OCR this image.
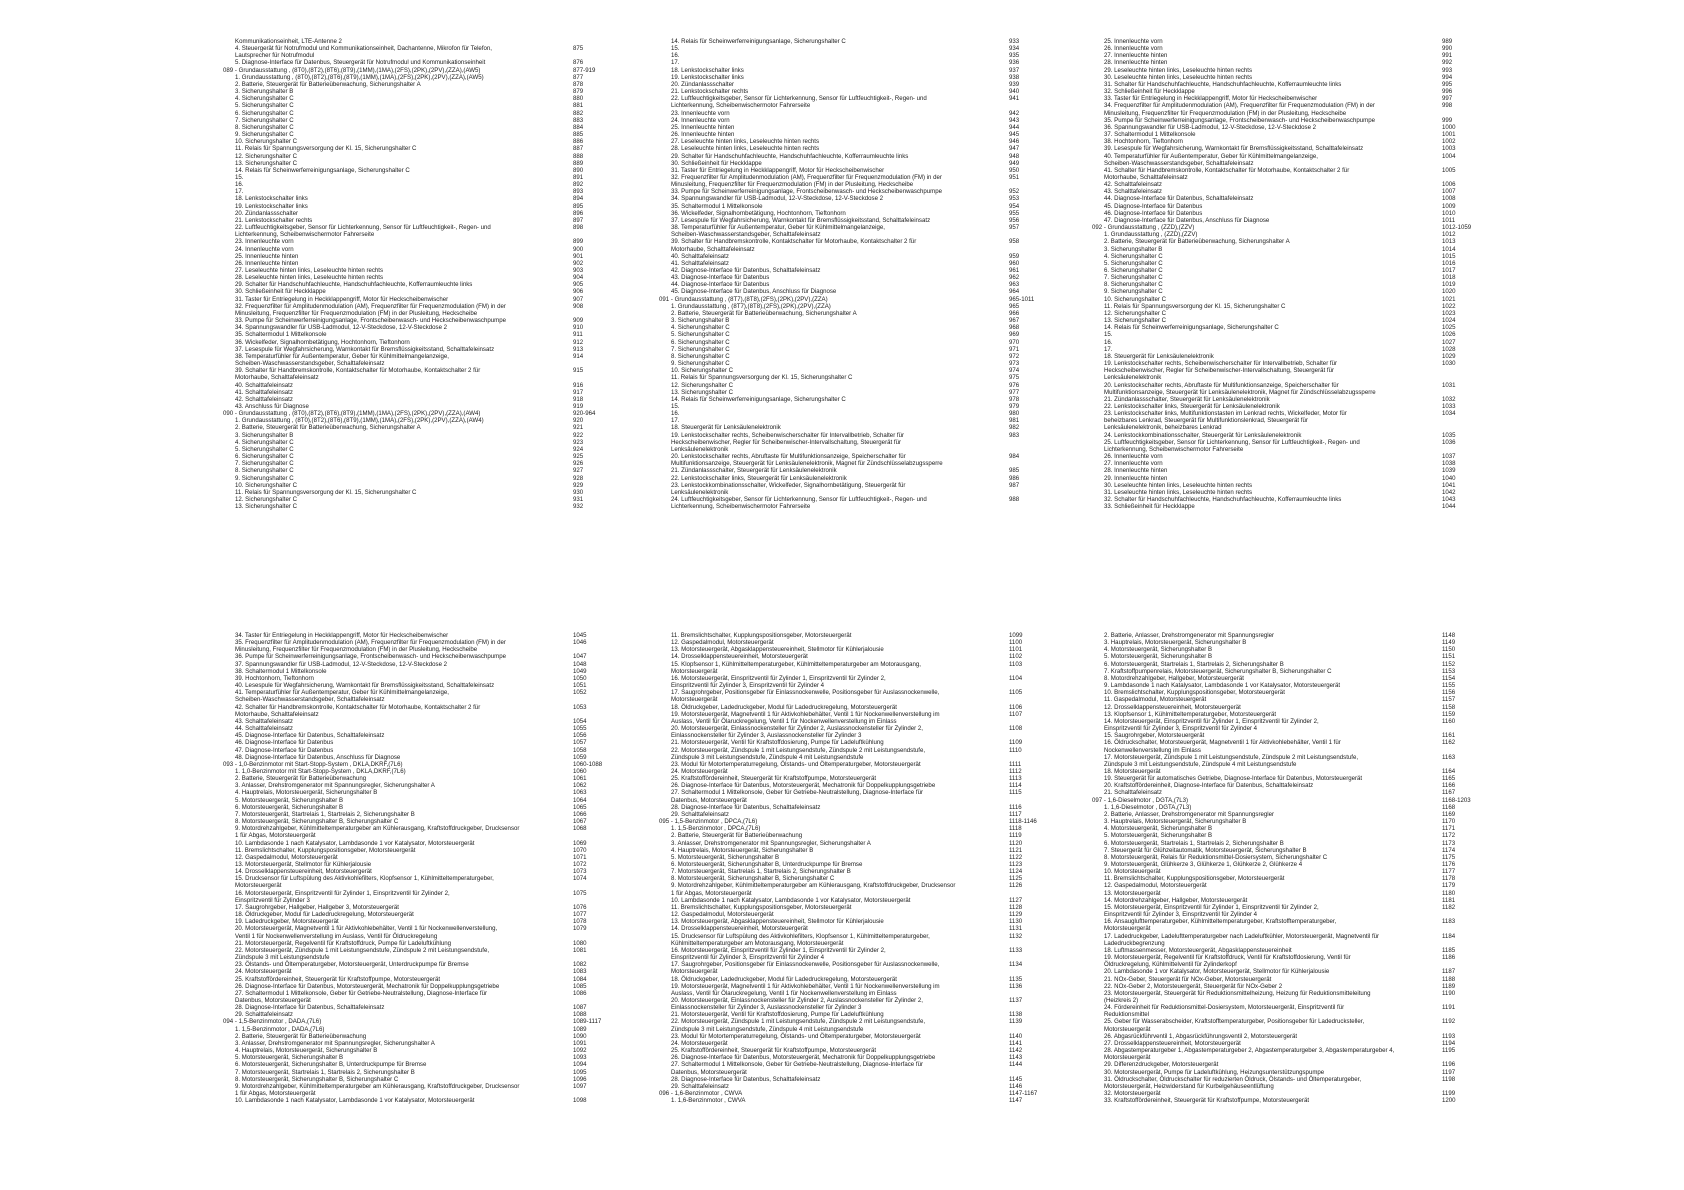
Kommunikationseinheit, LTE-Antenne 2
4. Steuergerät für Notrufmodul und Kommunikationseinheit, Dachantenne, Mikrofon für Telefon,
Lautsprecher für Notrufmodul
875
5. Diagnose-Interface für Datenbus, Steuergerät für Notrufmodul und Kommunikationseinheit	876
089 - Grundausstattung , (8T0),(8T2),(8T6),(8T9),(1MM),(1MA),(2FS),(2PK),(2PV),(ZZA),(AW5)	877-919
1. Grundausstattung , (8T0),(8T2),(8T6),(8T9),(1MM),(1MA),(2FS),(2PK),(2PV),(ZZA),(AW5)	877
2. Batterie, Steuergerät für Batterieüberwachung, Sicherungshalter A	878
3. Sicherungshalter B	879
4. Sicherungshalter C	880
5. Sicherungshalter C	881
6. Sicherungshalter C	882
7. Sicherungshalter C	883
8. Sicherungshalter C	884
9. Sicherungshalter C	885
10. Sicherungshalter C	886
11. Relais für Spannungsversorgung der Kl. 15, Sicherungshalter C	887
12. Sicherungshalter C	888
13. Sicherungshalter C	889
14. Relais für Scheinwerferreinigungsanlage, Sicherungshalter C	890
15.	891
16.	892
17.	893
18. Lenkstockschalter links	894
19. Lenkstockschalter links	895
20. Zündanlassschalter	896
21. Lenkstockschalter rechts	897
22. Luftfeuchtigkeitsgeber, Sensor für Lichterkennung, Sensor für Luftfeuchtigkeit-, Regen- und
Lichterkennung, Scheibenwischermotor Fahrerseite
898
23. Innenleuchte vorn	899
24. Innenleuchte vorn	900
25. Innenleuchte hinten	901
26. Innenleuchte hinten	902
27. Leseleuchte hinten links, Leseleuchte hinten rechts	903
28. Leseleuchte hinten links, Leseleuchte hinten rechts	904
29. Schalter für Handschuhfachleuchte, Handschuhfachleuchte, Kofferraumleuchte links	905
30. Schließeinheit für Heckklappe	906
31. Taster für Entriegelung in Heckklappengriff, Motor für Heckscheibenwischer	907
32. Frequenzfilter für Amplitudenmodulation (AM), Frequenzfilter für Frequenzmodulation (FM) in der
Minusleitung, Frequenzfilter für Frequenzmodulation (FM) in der Plusleitung, Heckscheibe
908
33. Pumpe für Scheinwerferreinigungsanlage, Frontscheibenwasch- und Heckscheibenwaschpumpe	909
34. Spannungswandler für USB-Ladmodul, 12-V-Steckdose, 12-V-Steckdose 2	910
35. Schaltermodul 1 Mittelkonsole	911
36. Wickelfeder, Signalhornbetätigung, Hochtonhorn, Tieftonhorn	912
37. Lesespule für Wegfahrsicherung, Warnkontakt für Bremsflüssigkeitsstand, Schalttafeleinsatz	913
38. Temperaturfühler für Außentemperatur, Geber für Kühlmittelmangelanzeige,
Scheiben-Waschwasserstandsgeber, Schalttafeleinsatz
914
39. Schalter für Handbremskontrolle, Kontaktschalter für Motorhaube, Kontaktschalter 2 für
Motorhaube, Schalttafeleinsatz
915
40. Schalttafeleinsatz	916
41. Schalttafeleinsatz	917
42. Schalttafeleinsatz	918
43. Anschluss für Diagnose	919
090 - Grundausstattung , (8T0),(8T2),(8T6),(8T9),(1MM),(1MA),(2FS),(2PK),(2PV),(ZZA),(AW4)	920-964
1. Grundausstattung , (8T0),(8T2),(8T6),(8T9),(1MM),(1MA),(2FS),(2PK),(2PV),(ZZA),(AW4)	920
2. Batterie, Steuergerät für Batterieüberwachung, Sicherungshalter A	921
3. Sicherungshalter B	922
4. Sicherungshalter C	923
5. Sicherungshalter C	924
6. Sicherungshalter C	925
7. Sicherungshalter C	926
8. Sicherungshalter C	927
9. Sicherungshalter C	928
10. Sicherungshalter C	929
11. Relais für Spannungsversorgung der Kl. 15, Sicherungshalter C	930
12. Sicherungshalter C	931
13. Sicherungshalter C	932
14. Relais für Scheinwerferreinigungsanlage, Sicherungshalter C	933
15.	934
16.	935
17.	936
18. Lenkstockschalter links	937
19. Lenkstockschalter links	938
20. Zündanlassschalter	939
21. Lenkstockschalter rechts	940
22. Luftfeuchtigkeitsgeber, Sensor für Lichterkennung, Sensor für Luftfeuchtigkeit-, Regen- und
Lichterkennung, Scheibenwischermotor Fahrerseite
941
23. Innenleuchte vorn	942
24. Innenleuchte vorn	943
25. Innenleuchte hinten	944
26. Innenleuchte hinten	945
27. Leseleuchte hinten links, Leseleuchte hinten rechts	946
28. Leseleuchte hinten links, Leseleuchte hinten rechts	947
29. Schalter für Handschuhfachleuchte, Handschuhfachleuchte, Kofferraumleuchte links	948
30. Schließeinheit für Heckklappe	949
31. Taster für Entriegelung in Heckklappengriff, Motor für Heckscheibenwischer	950
32. Frequenzfilter für Amplitudenmodulation (AM), Frequenzfilter für Frequenzmodulation (FM) in der
Minusleitung, Frequenzfilter für Frequenzmodulation (FM) in der Plusleitung, Heckscheibe
951
33. Pumpe für Scheinwerferreinigungsanlage, Frontscheibenwasch- und Heckscheibenwaschpumpe	952
34. Spannungswandler für USB-Ladmodul, 12-V-Steckdose, 12-V-Steckdose 2	953
35. Schaltermodul 1 Mittelkonsole	954
36. Wickelfeder, Signalhornbetätigung, Hochtonhorn, Tieftonhorn	955
37. Lesespule für Wegfahrsicherung, Warnkontakt für Bremsflüssigkeitsstand, Schalttafeleinsatz	956
38. Temperaturfühler für Außentemperatur, Geber für Kühlmittelmangelanzeige,
Scheiben-Waschwasserstandsgeber, Schalttafeleinsatz
957
39. Schalter für Handbremskontrolle, Kontaktschalter für Motorhaube, Kontaktschalter 2 für
Motorhaube, Schalttafeleinsatz
958
40. Schalttafeleinsatz	959
41. Schalttafeleinsatz	960
42. Diagnose-Interface für Datenbus, Schalttafeleinsatz	961
43. Diagnose-Interface für Datenbus	962
44. Diagnose-Interface für Datenbus	963
45. Diagnose-Interface für Datenbus, Anschluss für Diagnose	964
091 - Grundausstattung , (8T7),(8T8),(2FS),(2PK),(2PV),(ZZA)	965-1011
1. Grundausstattung , (8T7),(8T8),(2FS),(2PK),(2PV),(ZZA)	965
2. Batterie, Steuergerät für Batterieüberwachung, Sicherungshalter A	966
3. Sicherungshalter B	967
4. Sicherungshalter C	968
5. Sicherungshalter C	969
6. Sicherungshalter C	970
7. Sicherungshalter C	971
8. Sicherungshalter C	972
9. Sicherungshalter C	973
10. Sicherungshalter C	974
11. Relais für Spannungsversorgung der Kl. 15, Sicherungshalter C	975
12. Sicherungshalter C	976
13. Sicherungshalter C	977
14. Relais für Scheinwerferreinigungsanlage, Sicherungshalter C	978
15.	979
16.	980
17.	981
18. Steuergerät für Lenksäulenelektronik	982
19. Lenkstockschalter rechts, Scheibenwischerschalter für Intervallbetrieb, Schalter für
Heckscheibenwischer, Regler für Scheibenwischer-Intervallschaltung, Steuergerät für
Lenksäulenelektronik
983
20. Lenkstockschalter rechts, Abruftaste für Multifunktionsanzeige, Speicherschalter für
Multifunktionsanzeige, Steuergerät für Lenksäulenelektronik, Magnet für Zündschlüsselabzugssperre
984
21. Zündanlassschalter, Steuergerät für Lenksäulenelektronik	985
22. Lenkstockschalter links, Steuergerät für Lenksäulenelektronik	986
23. Lenkstockkombinationsschalter, Wickelfeder, Signalhornbetätigung, Steuergerät für
Lenksäulenelektronik
987
24. Luftfeuchtigkeitsgeber, Sensor für Lichterkennung, Sensor für Luftfeuchtigkeit-, Regen- und
Lichterkennung, Scheibenwischermotor Fahrerseite
988
25. Innenleuchte vorn	989
26. Innenleuchte vorn	990
27. Innenleuchte hinten	991
28. Innenleuchte hinten	992
29. Leseleuchte hinten links, Leseleuchte hinten rechts	993
30. Leseleuchte hinten links, Leseleuchte hinten rechts	994
31. Schalter für Handschuhfachleuchte, Handschuhfachleuchte, Kofferraumleuchte links	995
32. Schließeinheit für Heckklappe	996
33. Taster für Entriegelung in Heckklappengriff, Motor für Heckscheibenwischer	997
34. Frequenzfilter für Amplitudenmodulation (AM), Frequenzfilter für Frequenzmodulation (FM) in der
Minusleitung, Frequenzfilter für Frequenzmodulation (FM) in der Plusleitung, Heckscheibe
998
35. Pumpe für Scheinwerferreinigungsanlage, Frontscheibenwasch- und Heckscheibenwaschpumpe	999
36. Spannungswandler für USB-Ladmodul, 12-V-Steckdose, 12-V-Steckdose 2	1000
37. Schaltermodul 1 Mittelkonsole	1001
38. Hochtonhorn, Tieftonhorn	1002
39. Lesespule für Wegfahrsicherung, Warnkontakt für Bremsflüssigkeitsstand, Schalttafeleinsatz	1003
40. Temperaturfühler für Außentemperatur, Geber für Kühlmittelmangelanzeige,
Scheiben-Waschwasserstandsgeber, Schalttafeleinsatz
1004
41. Schalter für Handbremskontrolle, Kontaktschalter für Motorhaube, Kontaktschalter 2 für
Motorhaube, Schalttafeleinsatz
1005
42. Schalttafeleinsatz	1006
43. Schalttafeleinsatz	1007
44. Diagnose-Interface für Datenbus, Schalttafeleinsatz	1008
45. Diagnose-Interface für Datenbus	1009
46. Diagnose-Interface für Datenbus	1010
47. Diagnose-Interface für Datenbus, Anschluss für Diagnose	1011
092 - Grundausstattung , (ZZD),(ZZV)	1012-1059
1. Grundausstattung , (ZZD),(ZZV)	1012
2. Batterie, Steuergerät für Batterieüberwachung, Sicherungshalter A	1013
3. Sicherungshalter B	1014
4. Sicherungshalter C	1015
5. Sicherungshalter C	1016
6. Sicherungshalter C	1017
7. Sicherungshalter C	1018
8. Sicherungshalter C	1019
9. Sicherungshalter C	1020
10. Sicherungshalter C	1021
11. Relais für Spannungsversorgung der Kl. 15, Sicherungshalter C	1022
12. Sicherungshalter C	1023
13. Sicherungshalter C	1024
14. Relais für Scheinwerferreinigungsanlage, Sicherungshalter C	1025
15.	1026
16.	1027
17.	1028
18. Steuergerät für Lenksäulenelektronik	1029
19. Lenkstockschalter rechts, Scheibenwischerschalter für Intervallbetrieb, Schalter für
Heckscheibenwischer, Regler für Scheibenwischer-Intervallschaltung, Steuergerät für
Lenksäulenelektronik
1030
20. Lenkstockschalter rechts, Abruftaste für Multifunktionsanzeige, Speicherschalter für
Multifunktionsanzeige, Steuergerät für Lenksäulenelektronik, Magnet für Zündschlüsselabzugssperre
1031
21. Zündanlassschalter, Steuergerät für Lenksäulenelektronik	1032
22. Lenkstockschalter links, Steuergerät für Lenksäulenelektronik	1033
23. Lenkstockschalter links, Multifunktionstasten im Lenkrad rechts, Wickelfeder, Motor für
beheizbares Lenkrad, Steuergerät für Multifunktionslenkrad, Steuergerät für
Lenksäulenelektronik, beheizbares Lenkrad
1034
24. Lenkstockkombinationsschalter, Steuergerät für Lenksäulenelektronik	1035
25. Luftfeuchtigkeitsgeber, Sensor für Lichterkennung, Sensor für Luftfeuchtigkeit-, Regen- und
Lichterkennung, Scheibenwischermotor Fahrerseite
1036
26. Innenleuchte vorn	1037
27. Innenleuchte vorn	1038
28. Innenleuchte hinten	1039
29. Innenleuchte hinten	1040
30. Leseleuchte hinten links, Leseleuchte hinten rechts	1041
31. Leseleuchte hinten links, Leseleuchte hinten rechts	1042
32. Schalter für Handschuhfachleuchte, Handschuhfachleuchte, Kofferraumleuchte links	1043
33. Schließeinheit für Heckklappe	1044
34. Taster für Entriegelung in Heckklappengriff, Motor für Heckscheibenwischer	1045
35. Frequenzfilter für Amplitudenmodulation (AM), Frequenzfilter für Frequenzmodulation (FM) in der
Minusleitung, Frequenzfilter für Frequenzmodulation (FM) in der Plusleitung, Heckscheibe
1046
36. Pumpe für Scheinwerferreinigungsanlage, Frontscheibenwasch- und Heckscheibenwaschpumpe	1047
37. Spannungswandler für USB-Ladmodul, 12-V-Steckdose, 12-V-Steckdose 2	1048
38. Schaltermodul 1 Mittelkonsole	1049
39. Hochtonhorn, Tieftonhorn	1050
40. Lesespule für Wegfahrsicherung, Warnkontakt für Bremsflüssigkeitsstand, Schalttafeleinsatz	1051
41. Temperaturfühler für Außentemperatur, Geber für Kühlmittelmangelanzeige,
Scheiben-Waschwasserstandsgeber, Schalttafeleinsatz
1052
42. Schalter für Handbremskontrolle, Kontaktschalter für Motorhaube, Kontaktschalter 2 für
Motorhaube, Schalttafeleinsatz
1053
43. Schalttafeleinsatz	1054
44. Schalttafeleinsatz	1055
45. Diagnose-Interface für Datenbus, Schalttafeleinsatz	1056
46. Diagnose-Interface für Datenbus	1057
47. Diagnose-Interface für Datenbus	1058
48. Diagnose-Interface für Datenbus, Anschluss für Diagnose	1059
093 - 1,0-Benzinmotor mit Start-Stopp-System , DKLA,DKRF,(7L6)	1060-1088
1. 1,0-Benzinmotor mit Start-Stopp-System , DKLA,DKRF,(7L6)	1060
2. Batterie, Steuergerät für Batterieüberwachung	1061
3. Anlasser, Drehstromgenerator mit Spannungsregler, Sicherungshalter A	1062
4. Hauptrelais, Motorsteuergerät, Sicherungshalter B	1063
5. Motorsteuergerät, Sicherungshalter B	1064
6. Motorsteuergerät, Sicherungshalter B	1065
7. Motorsteuergerät, Startrelais 1, Startrelais 2, Sicherungshalter B	1066
8. Motorsteuergerät, Sicherungshalter B, Sicherungshalter C	1067
9. Motordrehzahlgeber, Kühlmitteltemperaturgeber am Kühlerausgang, Kraftstoffdruckgeber, Drucksensor
1 für Abgas, Motorsteuergerät
1068
10. Lambdasonde 1 nach Katalysator, Lambdasonde 1 vor Katalysator, Motorsteuergerät	1069
11. Bremslichtschalter, Kupplungspositionsgeber, Motorsteuergerät	1070
12. Gaspedalmodul, Motorsteuergerät	1071
13. Motorsteuergerät, Stellmotor für Kühlerjalousie	1072
14. Drosselklappensteuereinheit, Motorsteuergerät	1073
15. Drucksensor für Luftspülung des Aktivkohlefilters, Klopfsensor 1, Kühlmitteltemperaturgeber,
Motorsteuergerät
1074
16. Motorsteuergerät, Einspritzventil für Zylinder 1, Einspritzventil für Zylinder 2,
Einspritzventil für Zylinder 3
1075
17. Saugrohrgeber, Hallgeber, Hallgeber 3, Motorsteuergerät	1076
18. Öldruckgeber, Modul für Ladedruckregelung, Motorsteuergerät	1077
19. Ladedruckgeber, Motorsteuergerät	1078
20. Motorsteuergerät, Magnetventil 1 für Aktivkohlebehälter, Ventil 1 für Nockenwellenverstellung,
Ventil 1 für Nockenwellenverstellung im Auslass, Ventil für Öldruckregelung
1079
21. Motorsteuergerät, Regelventil für Kraftstoffdruck, Pumpe für Ladeluftkühlung	1080
22. Motorsteuergerät, Zündspule 1 mit Leistungsendstufe, Zündspule 2 mit Leistungsendstufe,
Zündspule 3 mit Leistungsendstufe
1081
23. Ölstands- und Öltemperaturgeber, Motorsteuergerät, Unterdruckpumpe für Bremse	1082
24. Motorsteuergerät	1083
25. Kraftstoffördereinheit, Steuergerät für Kraftstoffpumpe, Motorsteuergerät	1084
26. Diagnose-Interface für Datenbus, Motorsteuergerät, Mechatronik für Doppelkupplungsgetriebe	1085
27. Schaltermodul 1 Mittelkonsole, Geber für Getriebe-Neutralstellung, Diagnose-Interface für
Datenbus, Motorsteuergerät
1086
28. Diagnose-Interface für Datenbus, Schalttafeleinsatz	1087
29. Schalttafeleinsatz	1088
094 - 1,5-Benzinmotor , DADA,(7L6)	1089-1117
1. 1,5-Benzinmotor , DADA,(7L6)	1089
2. Batterie, Steuergerät für Batterieüberwachung	1090
3. Anlasser, Drehstromgenerator mit Spannungsregler, Sicherungshalter A	1091
4. Hauptrelais, Motorsteuergerät, Sicherungshalter B	1092
5. Motorsteuergerät, Sicherungshalter B	1093
6. Motorsteuergerät, Sicherungshalter B, Unterdruckpumpe für Bremse	1094
7. Motorsteuergerät, Startrelais 1, Startrelais 2, Sicherungshalter B	1095
8. Motorsteuergerät, Sicherungshalter B, Sicherungshalter C	1096
9. Motordrehzahlgeber, Kühlmitteltemperaturgeber am Kühlerausgang, Kraftstoffdruckgeber, Drucksensor
1 für Abgas, Motorsteuergerät
1097
10. Lambdasonde 1 nach Katalysator, Lambdasonde 1 vor Katalysator, Motorsteuergerät	1098
11. Bremslichtschalter, Kupplungspositionsgeber, Motorsteuergerät	1099
12. Gaspedalmodul, Motorsteuergerät	1100
13. Motorsteuergerät, Abgasklappensteuereinheit, Stellmotor für Kühlerjalousie	1101
14. Drosselklappensteuereinheit, Motorsteuergerät	1102
15. Klopfsensor 1, Kühlmitteltemperaturgeber, Kühlmitteltemperaturgeber am Motorausgang,
Motorsteuergerät
1103
16. Motorsteuergerät, Einspritzventil für Zylinder 1, Einspritzventil für Zylinder 2,
Einspritzventil für Zylinder 3, Einspritzventil für Zylinder 4
1104
17. Saugrohrgeber, Positionsgeber für Einlassnockenwelle, Positionsgeber für Auslassnockenwelle,
Motorsteuergerät
1105
18. Öldruckgeber, Ladedruckgeber, Modul für Ladedruckregelung, Motorsteuergerät	1106
19. Motorsteuergerät, Magnetventil 1 für Aktivkohlebehälter, Ventil 1 für Nockenwellenverstellung im
Auslass, Ventil für Ölaruckregelung, Ventil 1 für Nockenwellenverstellung im Einlass
1107
20. Motorsteuergerät, Einlassnockensteller für Zylinder 2, Auslassnockensteller für Zylinder 2,
Einlassnockensteller für Zylinder 3, Auslassnockensteller für Zylinder 3
1108
21. Motorsteuergerät, Ventil für Kraftstoffdosierung, Pumpe für Ladeluftkühlung	1109
22. Motorsteuergerät, Zündspule 1 mit Leistungsendstufe, Zündspule 2 mit Leistungsendstufe,
Zündspule 3 mit Leistungsendstufe, Zündspule 4 mit Leistungsendstufe
1110
23. Modul für Motortemperaturregelung, Ölstands- und Öltemperaturgeber, Motorsteuergerät	1111
24. Motorsteuergerät	1112
25. Kraftstoffördereinheit, Steuergerät für Kraftstoffpumpe, Motorsteuergerät	1113
26. Diagnose-Interface für Datenbus, Motorsteuergerät, Mechatronik für Doppelkupplungsgetriebe	1114
27. Schaltermodul 1 Mittelkonsole, Geber für Getriebe-Neutralstellung, Diagnose-Interface für
Datenbus, Motorsteuergerät
1115
28. Diagnose-Interface für Datenbus, Schalttafeleinsatz	1116
29. Schalttafeleinsatz	1117
095 - 1,5-Benzinmotor , DPCA,(7L6)	1118-1146
1. 1,5-Benzinmotor , DPCA,(7L6)	1118
2. Batterie, Steuergerät für Batterieüberwachung	1119
3. Anlasser, Drehstromgenerator mit Spannungsregler, Sicherungshalter A	1120
4. Hauptrelais, Motorsteuergerät, Sicherungshalter B	1121
5. Motorsteuergerät, Sicherungshalter B	1122
6. Motorsteuergerät, Sicherungshalter B, Unterdruckpumpe für Bremse	1123
7. Motorsteuergerät, Startrelais 1, Startrelais 2, Sicherungshalter B	1124
8. Motorsteuergerät, Sicherungshalter B, Sicherungshalter C	1125
9. Motordrehzahlgeber, Kühlmitteltemperaturgeber am Kühlerausgang, Kraftstoffdruckgeber, Drucksensor
1 für Abgas, Motorsteuergerät
1126
10. Lambdasonde 1 nach Katalysator, Lambdasonde 1 vor Katalysator, Motorsteuergerät	1127
11. Bremslichtschalter, Kupplungspositionsgeber, Motorsteuergerät	1128
12. Gaspedalmodul, Motorsteuergerät	1129
13. Motorsteuergerät, Abgasklappensteuereinheit, Stellmotor für Kühlerjalousie	1130
14. Drosselklappensteuereinheit, Motorsteuergerät	1131
15. Drucksensor für Luftspülung des Aktivkohlefilters, Klopfsensor 1, Kühlmitteltemperaturgeber,
Kühlmitteltemperaturgeber am Motorausgang, Motorsteuergerät
1132
16. Motorsteuergerät, Einspritzventil für Zylinder 1, Einspritzventil für Zylinder 2,
Einspritzventil für Zylinder 3, Einspritzventil für Zylinder 4
1133
17. Saugrohrgeber, Positionsgeber für Einlassnockenwelle, Positionsgeber für Auslassnockenwelle,
Motorsteuergerät
1134
18. Öldruckgeber, Ladedruckgeber, Modul für Ladedruckregelung, Motorsteuergerät	1135
19. Motorsteuergerät, Magnetventil 1 für Aktivkohlebehälter, Ventil 1 für Nockenwellenverstellung im
Auslass, Ventil für Ölaruckregelung, Ventil 1 für Nockenwellenverstellung im Einlass
1136
20. Motorsteuergerät, Einlassnockensteller für Zylinder 2, Auslassnockensteller für Zylinder 2,
Einlassnockensteller für Zylinder 3, Auslassnockensteller für Zylinder 3
1137
21. Motorsteuergerät, Ventil für Kraftstoffdosierung, Pumpe für Ladeluftkühlung	1138
22. Motorsteuergerät, Zündspule 1 mit Leistungsendstufe, Zündspule 2 mit Leistungsendstufe,
Zündspule 3 mit Leistungsendstufe, Zündspule 4 mit Leistungsendstufe
1139
23. Modul für Motortemperaturregelung, Ölstands- und Öltemperaturgeber, Motorsteuergerät	1140
24. Motorsteuergerät	1141
25. Kraftstoffördereinheit, Steuergerät für Kraftstoffpumpe, Motorsteuergerät	1142
26. Diagnose-Interface für Datenbus, Motorsteuergerät, Mechatronik für Doppelkupplungsgetriebe	1143
27. Schaltermodul 1 Mittelkonsole, Geber für Getriebe-Neutralstellung, Diagnose-Interface für
Datenbus, Motorsteuergerät
1144
28. Diagnose-Interface für Datenbus, Schalttafeleinsatz	1145
29. Schalttafeleinsatz	1146
096 - 1,6-Benzinmotor , CWVA	1147-1167
1. 1,6-Benzinmotor , CWVA	1147
2. Batterie, Anlasser, Drehstromgenerator mit Spannungsregler	1148
3. Hauptrelais, Motorsteuergerät, Sicherungshalter B	1149
4. Motorsteuergerät, Sicherungshalter B	1150
5. Motorsteuergerät, Sicherungshalter B	1151
6. Motorsteuergerät, Startrelais 1, Startrelais 2, Sicherungshalter B	1152
7. Kraftstoffpumpenrelais, Motorsteuergerät, Sicherungshalter B, Sicherungshalter C	1153
8. Motordrehzahlgeber, Hallgeber, Motorsteuergerät	1154
9. Lambdasonde 1 nach Katalysator, Lambdasonde 1 vor Katalysator, Motorsteuergerät	1155
10. Bremslichtschalter, Kupplungspositionsgeber, Motorsteuergerät	1156
11. Gaspedalmodul, Motorsteuergerät	1157
12. Drosselklappensteuereinheit, Motorsteuergerät	1158
13. Klopfsensor 1, Kühlmitteltemperaturgeber, Motorsteuergerät	1159
14. Motorsteuergerät, Einspritzventil für Zylinder 1, Einspritzventil für Zylinder 2,
Einspritzventil für Zylinder 3, Einspritzventil für Zylinder 4
1160
15. Saugrohrgeber, Motorsteuergerät	1161
16. Öldruckschalter, Motorsteuergerät, Magnetventil 1 für Aktivkohlebehälter, Ventil 1 für
Nockenwellenverstellung im Einlass
1162
17. Motorsteuergerät, Zündspule 1 mit Leistungsendstufe, Zündspule 2 mit Leistungsendstufe,
Zündspule 3 mit Leistungsendstufe, Zündspule 4 mit Leistungsendstufe
1163
18. Motorsteuergerät	1164
19. Steuergerät für automatisches Getriebe, Diagnose-Interface für Datenbus, Motorsteuergerät	1165
20. Kraftstoffördereinheit, Diagnose-Interface für Datenbus, Schalttafeleinsatz	1166
21. Schalttafeleinsatz	1167
097 - 1,6-Dieselmotor , DGTA,(7L3)	1168-1203
1. 1,6-Dieselmotor , DGTA,(7L3)	1168
2. Batterie, Anlasser, Drehstromgenerator mit Spannungsregler	1169
3. Hauptrelais, Motorsteuergerät, Sicherungshalter B	1170
4. Motorsteuergerät, Sicherungshalter B	1171
5. Motorsteuergerät, Sicherungshalter B	1172
6. Motorsteuergerät, Startrelais 1, Startrelais 2, Sicherungshalter B	1173
7. Steuergerät für Glühzeitautomatik, Motorsteuergerät, Sicherungshalter B	1174
8. Motorsteuergerät, Relais für Reduktionsmittel-Dosiersystem, Sicherungshalter C	1175
9. Motorsteuergerät, Glühkerze 3, Glühkerze 1, Glühkerze 2, Glühkerze 4	1176
10. Motorsteuergerät	1177
11. Bremslichtschalter, Kupplungspositionsgeber, Motorsteuergerät	1178
12. Gaspedalmodul, Motorsteuergerät	1179
13. Motorsteuergerät	1180
14. Motordrehzahlgeber, Hallgeber, Motorsteuergerät	1181
15. Motorsteuergerät, Einspritzventil für Zylinder 1, Einspritzventil für Zylinder 2,
Einspritzventil für Zylinder 3, Einspritzventil für Zylinder 4
1182
16. Ansauglufttemperaturgeber, Kühlmitteltemperaturgeber, Kraftstofftemperaturgeber,
Motorsteuergerät
1183
17. Ladedruckgeber, Ladelufttemperaturgeber nach Ladeluftkühler, Motorsteuergerät, Magnetventil für
Ladedruckbegrenzung
1184
18. Luftmassenmesser, Motorsteuergerät, Abgasklappensteuereinheit	1185
19. Motorsteuergerät, Regelventil für Kraftstoffdruck, Ventil für Kraftstoffdosierung, Ventil für
Öldruckregelung, Kühlmittelventil für Zylinderkopf
1186
20. Lambdasonde 1 vor Katalysator, Motorsteuergerät, Stellmotor für Kühlerjalousie	1187
21. NOx-Geber, Steuergerät für NOx-Geber, Motorsteuergerät	1188
22. NOx-Geber 2, Motorsteuergerät, Steuergerät für NOx-Geber 2	1189
23. Motorsteuergerät, Steuergerät für Reduktionsmittelheizung, Heizung für Reduktionsmitteleitung
(Heizkreis 2)
1190
24. Fördereinheit für Reduktionsmittel-Dosiersystem, Motorsteuergerät, Einspritzventil für
Reduktionsmittel
1191
25. Geber für Wasserabscheider, Kraftstofftemperaturgeber, Positionsgeber für Ladedrucksteller,
Motorsteuergerät
1192
26. Abgasrückführventil 1, Abgasrückführungsventil 2, Motorsteuergerät	1193
27. Drosselklappensteuereinheit, Motorsteuergerät	1194
28. Abgastemperaturgeber 1, Abgastemperaturgeber 2, Abgastemperaturgeber 3, Abgastemperaturgeber 4,
Motorsteuergerät
1195
29. Differenzdruckgeber, Motorsteuergerät	1196
30. Motorsteuergerät, Pumpe für Ladeluftkühlung, Heizungsunterstützungspumpe	1197
31. Öldruckschalter, Öldruckschalter für reduzierten Öldruck, Ölstands- und Öltemperaturgeber,
Motorsteuergerät, Heizwiderstand für Kurbelgehäuseentlüftung
1198
32. Motorsteuergerät	1199
33. Kraftstoffördereinheit, Steuergerät für Kraftstoffpumpe, Motorsteuergerät	1200
